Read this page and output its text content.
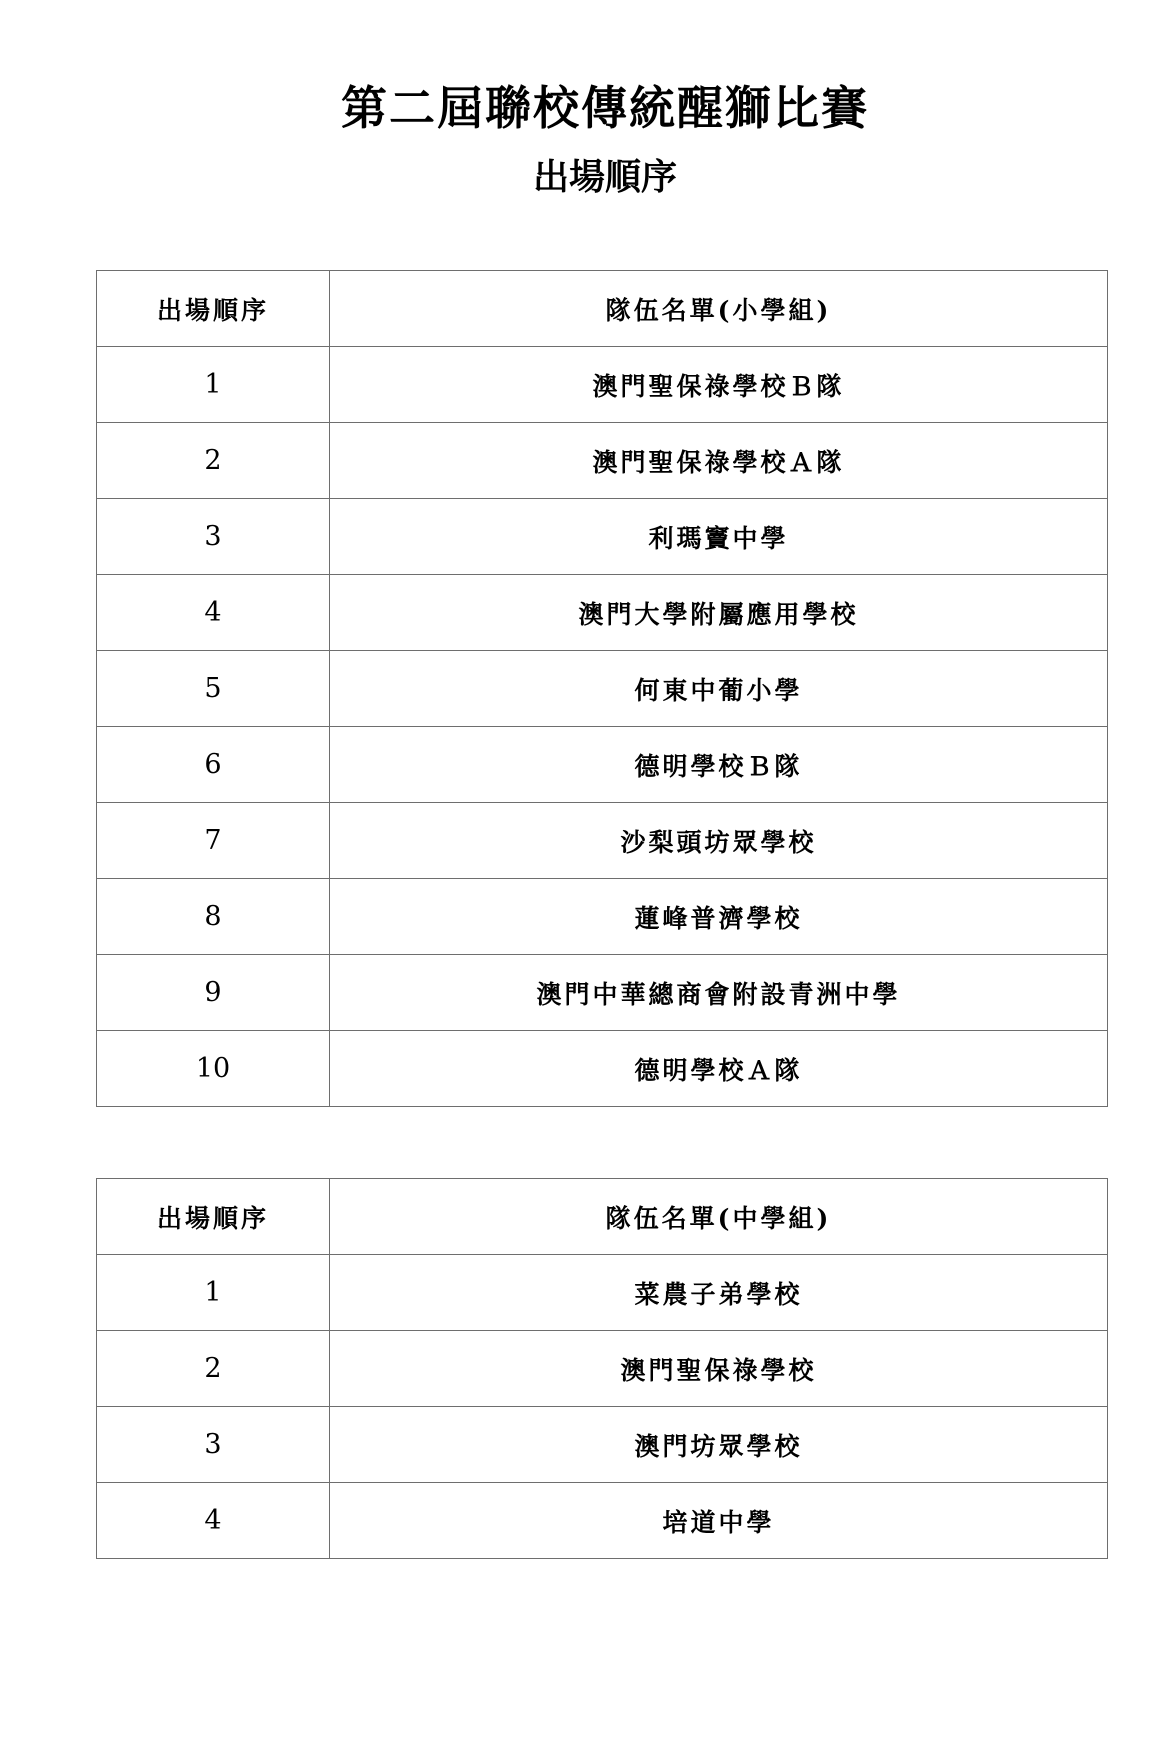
第二屆聯校傳統醒獅比賽
出場順序
出場順序	隊伍名單(小學組)
1	澳門聖保祿學校Ｂ隊
2	澳門聖保祿學校Ａ隊
3	利瑪竇中學
4	澳門大學附屬應用學校
5	何東中葡小學
6	德明學校Ｂ隊
7	沙梨頭坊眾學校
8	蓮峰普濟學校
9	澳門中華總商會附設青洲中學
10	德明學校Ａ隊
出場順序	隊伍名單(中學組)
1	菜農子弟學校
2	澳門聖保祿學校
3	澳門坊眾學校
4	培道中學
